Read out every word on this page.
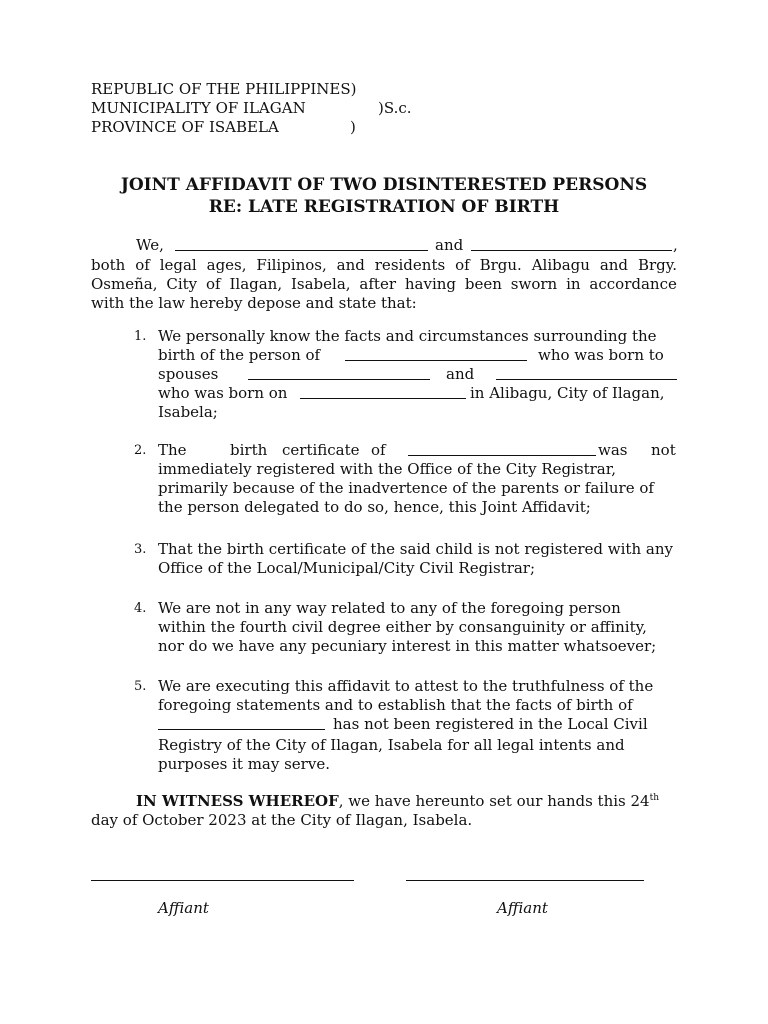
REPUBLIC OF THE PHILIPPINES)
MUNICIPALITY OF ILAGAN	)S.c.
PROVINCE OF ISABELA	)
JOINT AFFIDAVIT OF TWO DISINTERESTED PERSONS
RE: LATE REGISTRATION OF BIRTH
We,	and	,
both of legal ages, Filipinos, and residents of Brgu. Alibagu and Brgy.
Osmeña, City of Ilagan, Isabela, after having been sworn in accordance
with the law hereby depose and state that:
1. We personally know the facts and circumstances surrounding the
birth of the person of	who was born to
spouses	and
who was born on	in Alibagu, City of Ilagan,
Isabela;
2. The	birth certificate of	was not
immediately registered with the Office of the City Registrar,
primarily because of the inadvertence of the parents or failure of
the person delegated to do so, hence, this Joint Affidavit;
3. That the birth certificate of the said child is not registered with any
Office of the Local/Municipal/City Civil Registrar;
4. We are not in any way related to any of the foregoing person
within the fourth civil degree either by consanguinity or affinity,
nor do we have any pecuniary interest in this matter whatsoever;
5. We are executing this affidavit to attest to the truthfulness of the
foregoing statements and to establish that the facts of birth of
has not been registered in the Local Civil
Registry of the City of Ilagan, Isabela for all legal intents and
purposes it may serve.
IN WITNESS WHEREOF, we have hereunto set our hands this 24th
day of October 2023 at the City of Ilagan, Isabela.
Affiant	Affiant
